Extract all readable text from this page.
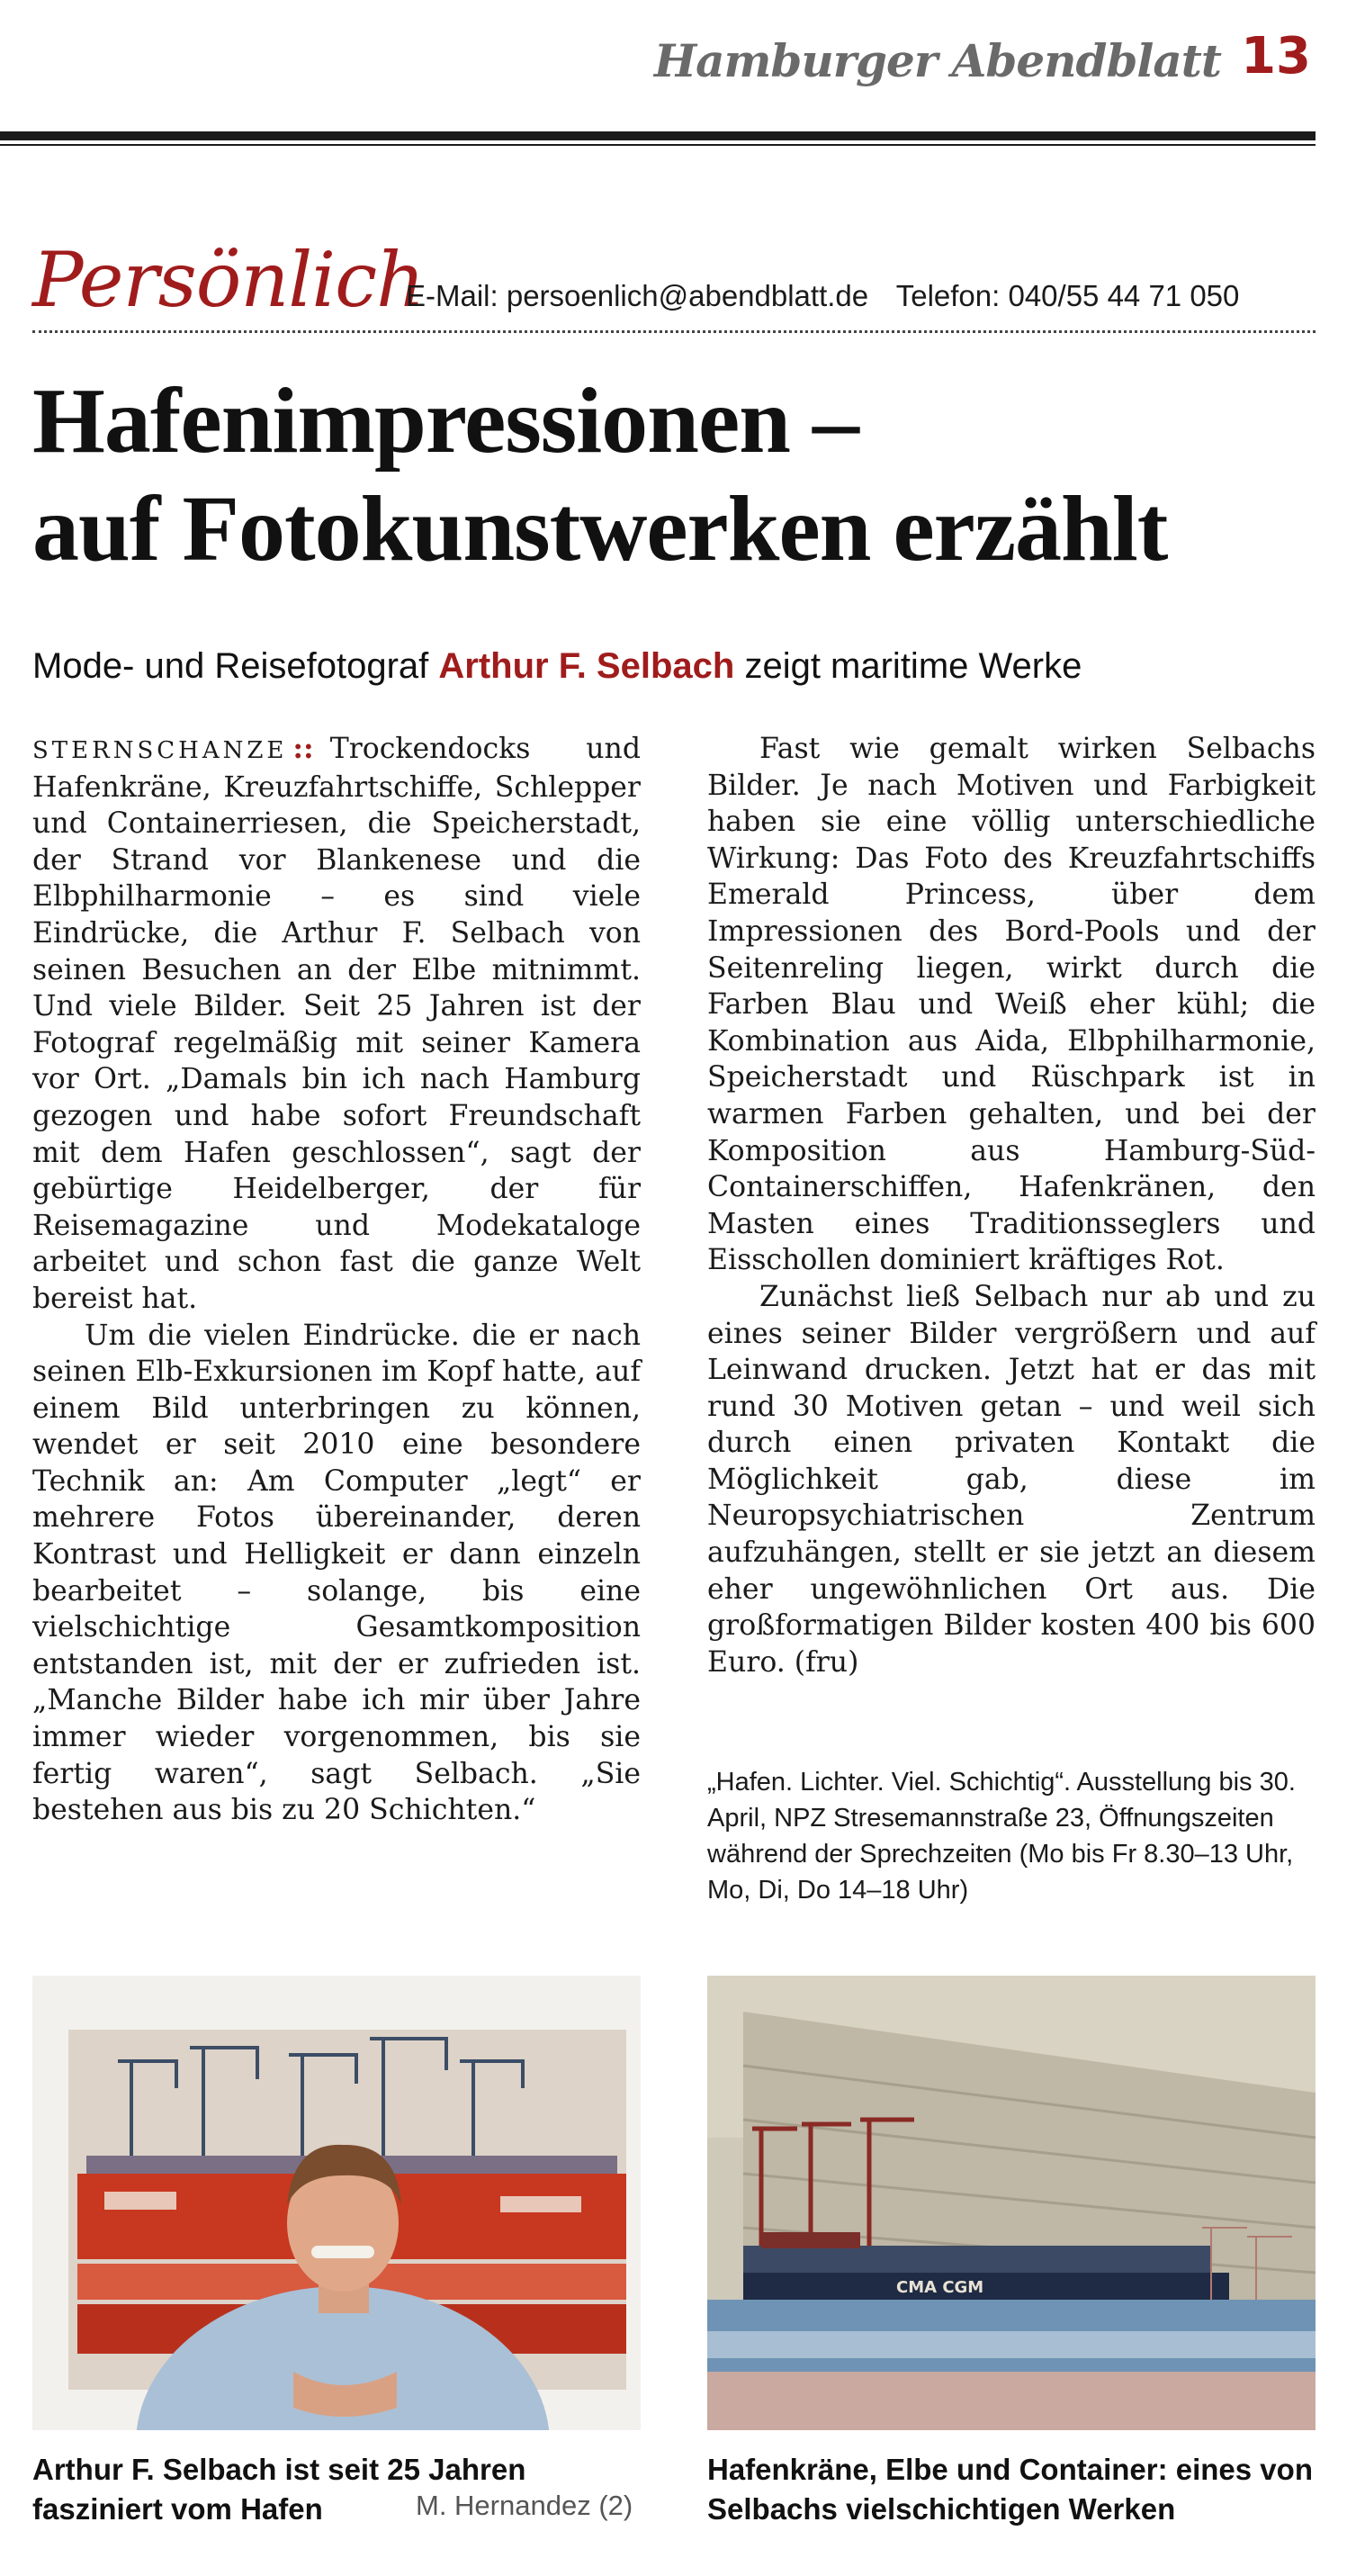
Hamburger Abendblatt 13
Persönlich
E-Mail: persoenlich@abendblatt.de Telefon: 040/55 44 71 050
Hafenimpressionen –
auf Fotokunstwerken erzählt
Mode- und Reisefotograf Arthur F. Selbach zeigt maritime Werke

STERNSCHANZE :: Trockendocks und Hafenkräne, Kreuzfahrtschiffe, Schlepper und Containerriesen, die Speicherstadt, der Strand vor Blankenese und die Elbphilharmonie – es sind viele Eindrücke, die Arthur F. Selbach von seinen Besuchen an der Elbe mitnimmt. Und viele Bilder. Seit 25 Jahren ist der Fotograf regelmäßig mit seiner Kamera vor Ort. „Damals bin ich nach Hamburg gezogen und habe sofort Freundschaft mit dem Hafen geschlossen“, sagt der gebürtige Heidelberger, der für Reisemagazine und Modekataloge arbeitet und schon fast die ganze Welt bereist hat.

Um die vielen Eindrücke. die er nach seinen Elb-Exkursionen im Kopf hatte, auf einem Bild unterbringen zu können, wendet er seit 2010 eine besondere Technik an: Am Computer „legt“ er mehrere Fotos übereinander, deren Kontrast und Helligkeit er dann einzeln bearbeitet – solange, bis eine vielschichtige Gesamtkomposition entstanden ist, mit der er zufrieden ist. „Manche Bilder habe ich mir über Jahre immer wieder vorgenommen, bis sie fertig waren“, sagt Selbach. „Sie bestehen aus bis zu 20 Schichten.“

Fast wie gemalt wirken Selbachs Bilder. Je nach Motiven und Farbigkeit haben sie eine völlig unterschiedliche Wirkung: Das Foto des Kreuzfahrtschiffs Emerald Princess, über dem Impressionen des Bord-Pools und der Seitenreling liegen, wirkt durch die Farben Blau und Weiß eher kühl; die Kombination aus Aida, Elbphilharmonie, Speicherstadt und Rüschpark ist in warmen Farben gehalten, und bei der Komposition aus Hamburg-Süd-Containerschiffen, Hafenkränen, den Masten eines Traditionsseglers und Eisschollen dominiert kräftiges Rot.

Zunächst ließ Selbach nur ab und zu eines seiner Bilder vergrößern und auf Leinwand drucken. Jetzt hat er das mit rund 30 Motiven getan – und weil sich durch einen privaten Kontakt die Möglichkeit gab, diese im Neuropsychiatrischen Zentrum aufzuhängen, stellt er sie jetzt an diesem eher ungewöhnlichen Ort aus. Die großformatigen Bilder kosten 400 bis 600 Euro. (fru)

„Hafen. Lichter. Viel. Schichtig“. Ausstellung bis 30. April, NPZ Stresemannstraße 23, Öffnungszeiten während der Sprechzeiten (Mo bis Fr 8.30–13 Uhr, Mo, Di, Do 14–18 Uhr)
Arthur F. Selbach ist seit 25 Jahren fasziniert vom Hafen	M. Hernandez (2)
CMA CGM
Hafenkräne, Elbe und Container: eines von Selbachs vielschichtigen Werken
